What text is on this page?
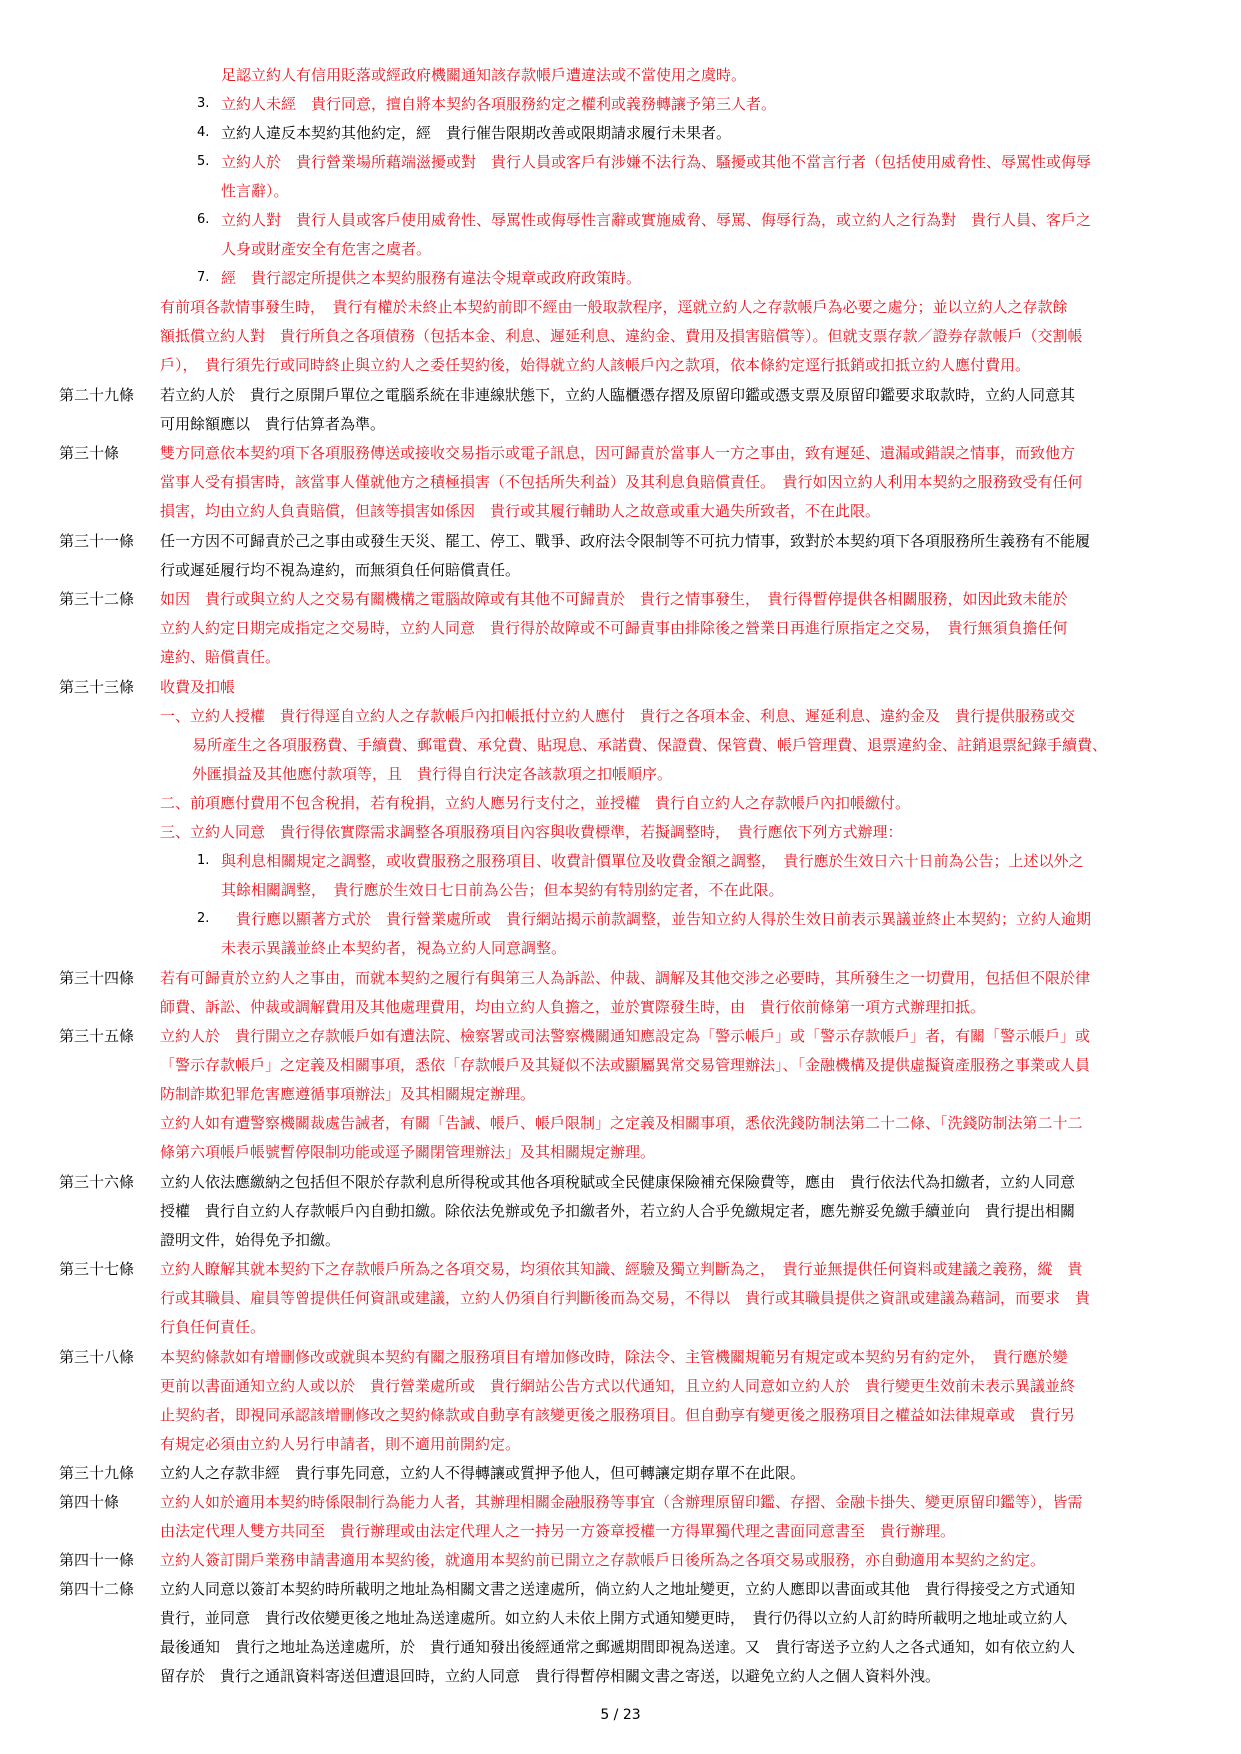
足認立約人有信用貶落或經政府機關通知該存款帳戶遭違法或不當使用之虞時。
3. 立約人未經　貴行同意，擅自將本契約各項服務約定之權利或義務轉讓予第三人者。
4. 立約人違反本契約其他約定，經　貴行催告限期改善或限期請求履行未果者。
5. 立約人於　貴行營業場所藉端滋擾或對　貴行人員或客戶有涉嫌不法行為、騷擾或其他不當言行者（包括使用威脅性、辱罵性或侮辱
性言辭）。
6. 立約人對　貴行人員或客戶使用威脅性、辱罵性或侮辱性言辭或實施威脅、辱罵、侮辱行為，或立約人之行為對　貴行人員、客戶之
人身或財產安全有危害之虞者。
7. 經　貴行認定所提供之本契約服務有違法令規章或政府政策時。
有前項各款情事發生時，　貴行有權於未終止本契約前即不經由一般取款程序，逕就立約人之存款帳戶為必要之處分；並以立約人之存款餘
額抵償立約人對　貴行所負之各項債務（包括本金、利息、遲延利息、違約金、費用及損害賠償等）。但就支票存款／證券存款帳戶（交割帳
戶），　貴行須先行或同時終止與立約人之委任契約後，始得就立約人該帳戶內之款項，依本條約定逕行抵銷或扣抵立約人應付費用。
第二十九條	若立約人於　貴行之原開戶單位之電腦系統在非連線狀態下，立約人臨櫃憑存摺及原留印鑑或憑支票及原留印鑑要求取款時，立約人同意其
可用餘額應以　貴行估算者為準。
第三十條	雙方同意依本契約項下各項服務傳送或接收交易指示或電子訊息，因可歸責於當事人一方之事由，致有遲延、遺漏或錯誤之情事，而致他方
當事人受有損害時，該當事人僅就他方之積極損害（不包括所失利益）及其利息負賠償責任。　貴行如因立約人利用本契約之服務致受有任何
損害，均由立約人負責賠償，但該等損害如係因　貴行或其履行輔助人之故意或重大過失所致者，不在此限。
第三十一條	任一方因不可歸責於己之事由或發生天災、罷工、停工、戰爭、政府法令限制等不可抗力情事，致對於本契約項下各項服務所生義務有不能履
行或遲延履行均不視為違約，而無須負任何賠償責任。
第三十二條	如因　貴行或與立約人之交易有關機構之電腦故障或有其他不可歸責於　貴行之情事發生，　貴行得暫停提供各相關服務，如因此致未能於
立約人約定日期完成指定之交易時，立約人同意　貴行得於故障或不可歸責事由排除後之營業日再進行原指定之交易，　貴行無須負擔任何
違約、賠償責任。
第三十三條	收費及扣帳
一、立約人授權　貴行得逕自立約人之存款帳戶內扣帳抵付立約人應付　貴行之各項本金、利息、遲延利息、違約金及　貴行提供服務或交
易所產生之各項服務費、手續費、郵電費、承兌費、貼現息、承諾費、保證費、保管費、帳戶管理費、退票違約金、註銷退票紀錄手續費、
外匯損益及其他應付款項等，且　貴行得自行決定各該款項之扣帳順序。
二、前項應付費用不包含稅捐，若有稅捐，立約人應另行支付之，並授權　貴行自立約人之存款帳戶內扣帳繳付。
三、立約人同意　貴行得依實際需求調整各項服務項目內容與收費標準，若擬調整時，　貴行應依下列方式辦理：
1. 與利息相關規定之調整，或收費服務之服務項目、收費計價單位及收費金額之調整，　貴行應於生效日六十日前為公告；上述以外之
其餘相關調整，　貴行應於生效日七日前為公告；但本契約有特別約定者，不在此限。
2. 　貴行應以顯著方式於　貴行營業處所或　貴行網站揭示前款調整，並告知立約人得於生效日前表示異議並終止本契約；立約人逾期
未表示異議並終止本契約者，視為立約人同意調整。
第三十四條	若有可歸責於立約人之事由，而就本契約之履行有與第三人為訴訟、仲裁、調解及其他交涉之必要時，其所發生之一切費用，包括但不限於律
師費、訴訟、仲裁或調解費用及其他處理費用，均由立約人負擔之，並於實際發生時，由　貴行依前條第一項方式辦理扣抵。
第三十五條	立約人於　貴行開立之存款帳戶如有遭法院、檢察署或司法警察機關通知應設定為「警示帳戶」或「警示存款帳戶」者，有關「警示帳戶」或
「警示存款帳戶」之定義及相關事項，悉依「存款帳戶及其疑似不法或顯屬異常交易管理辦法」、「金融機構及提供虛擬資產服務之事業或人員
防制詐欺犯罪危害應遵循事項辦法」及其相關規定辦理。
立約人如有遭警察機關裁處告誡者，有關「告誡、帳戶、帳戶限制」之定義及相關事項，悉依洗錢防制法第二十二條、「洗錢防制法第二十二
條第六項帳戶帳號暫停限制功能或逕予關閉管理辦法」及其相關規定辦理。
第三十六條	立約人依法應繳納之包括但不限於存款利息所得稅或其他各項稅賦或全民健康保險補充保險費等，應由　貴行依法代為扣繳者，立約人同意
授權　貴行自立約人存款帳戶內自動扣繳。除依法免辦或免予扣繳者外，若立約人合乎免繳規定者，應先辦妥免繳手續並向　貴行提出相關
證明文件，始得免予扣繳。
第三十七條	立約人瞭解其就本契約下之存款帳戶所為之各項交易，均須依其知識、經驗及獨立判斷為之，　貴行並無提供任何資料或建議之義務，縱　貴
行或其職員、雇員等曾提供任何資訊或建議，立約人仍須自行判斷後而為交易，不得以　貴行或其職員提供之資訊或建議為藉詞，而要求　貴
行負任何責任。
第三十八條	本契約條款如有增刪修改或就與本契約有關之服務項目有增加修改時，除法令、主管機關規範另有規定或本契約另有約定外，　貴行應於變
更前以書面通知立約人或以於　貴行營業處所或　貴行網站公告方式以代通知，且立約人同意如立約人於　貴行變更生效前未表示異議並終
止契約者，即視同承認該增刪修改之契約條款或自動享有該變更後之服務項目。但自動享有變更後之服務項目之權益如法律規章或　貴行另
有規定必須由立約人另行申請者，則不適用前開約定。
第三十九條	立約人之存款非經　貴行事先同意，立約人不得轉讓或質押予他人，但可轉讓定期存單不在此限。
第四十條	立約人如於適用本契約時係限制行為能力人者，其辦理相關金融服務等事宜（含辦理原留印鑑、存摺、金融卡掛失、變更原留印鑑等），皆需
由法定代理人雙方共同至　貴行辦理或由法定代理人之一持另一方簽章授權一方得單獨代理之書面同意書至　貴行辦理。
第四十一條	立約人簽訂開戶業務申請書適用本契約後，就適用本契約前已開立之存款帳戶日後所為之各項交易或服務，亦自動適用本契約之約定。
第四十二條	立約人同意以簽訂本契約時所載明之地址為相關文書之送達處所，倘立約人之地址變更，立約人應即以書面或其他　貴行得接受之方式通知
貴行，並同意　貴行改依變更後之地址為送達處所。如立約人未依上開方式通知變更時，　貴行仍得以立約人訂約時所載明之地址或立約人
最後通知　貴行之地址為送達處所，於　貴行通知發出後經通常之郵遞期間即視為送達。又　貴行寄送予立約人之各式通知，如有依立約人
留存於　貴行之通訊資料寄送但遭退回時，立約人同意　貴行得暫停相關文書之寄送，以避免立約人之個人資料外洩。
5 / 23
